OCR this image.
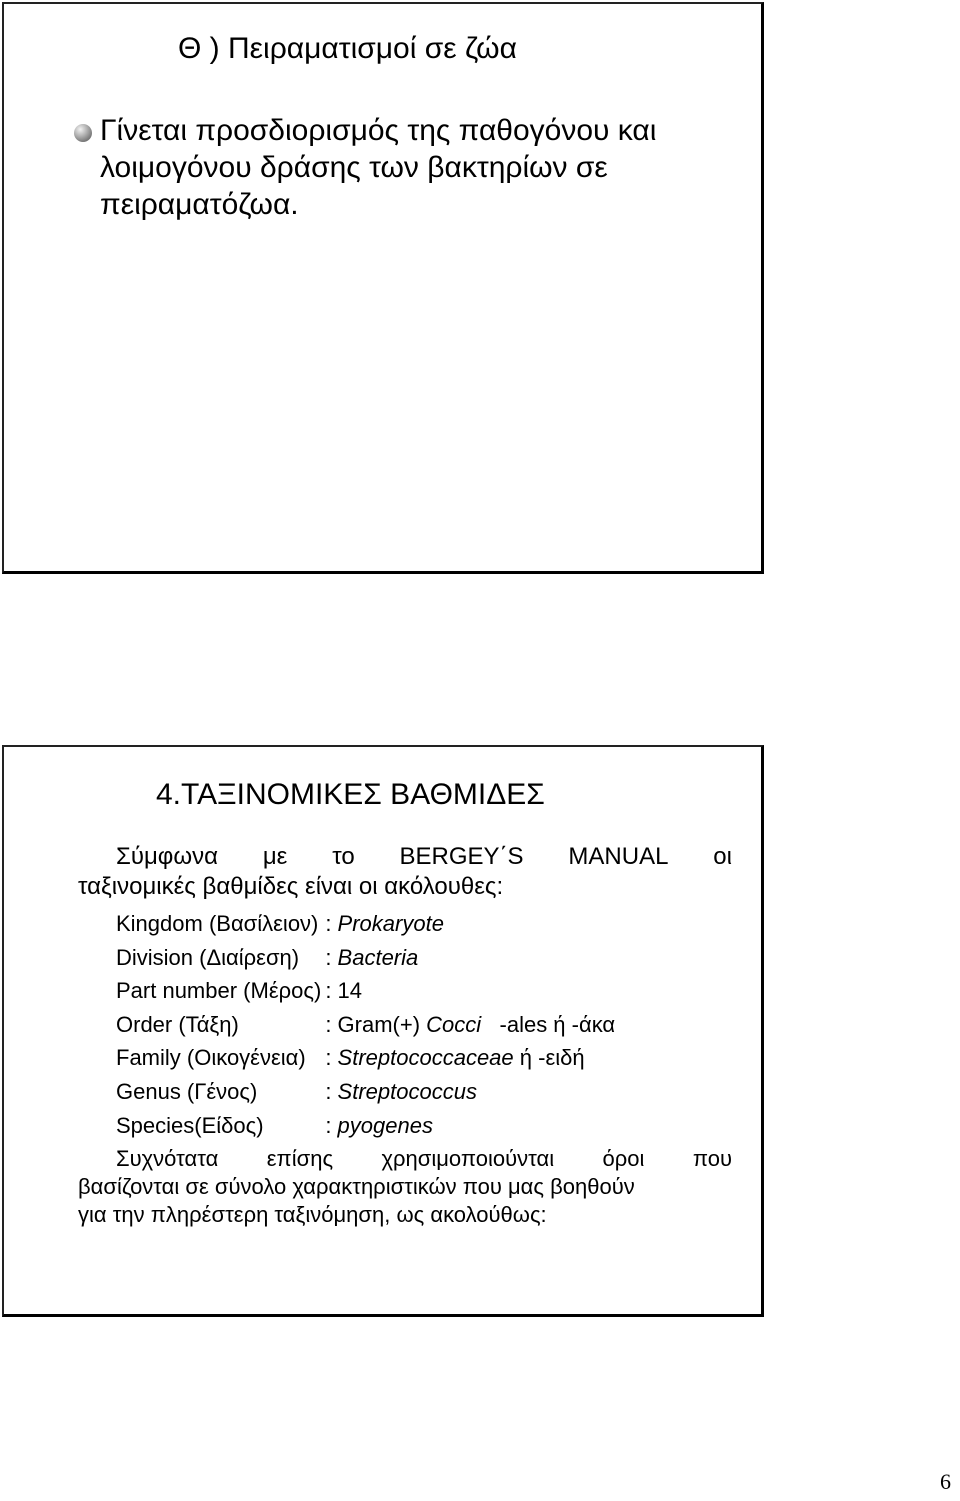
Θ ) Πειραματισμοί σε ζώα
Γίνεται προσδιορισμός της παθογόνου και λοιμογόνου δράσης των βακτηρίων σε πειραματόζωα.
4.ΤΑΞΙΝΟΜΙΚΕΣ ΒΑΘΜΙΔΕΣ
Σύμφωνα με το BERGEY΄S MANUAL οι
ταξινομικές βαθμίδες είναι οι ακόλουθες:
Kingdom (Βασίλειον)	: Prokaryote
Division (Διαίρεση)	: Bacteria
Part number (Μέρος)	: 14
Order (Τάξη)	: Gram(+) Cocci   -ales ή -άκα
Family (Οικογένεια)	: Streptococcaceae ή -ειδή
Genus (Γένος)	: Streptococcus
Species(Είδος)	: pyogenes
Συχνότατα επίσης χρησιμοποιούνται όροι που
βασίζονται σε σύνολο χαρακτηριστικών που μας βοηθούν
για την πληρέστερη ταξινόμηση, ως ακολούθως:
6
